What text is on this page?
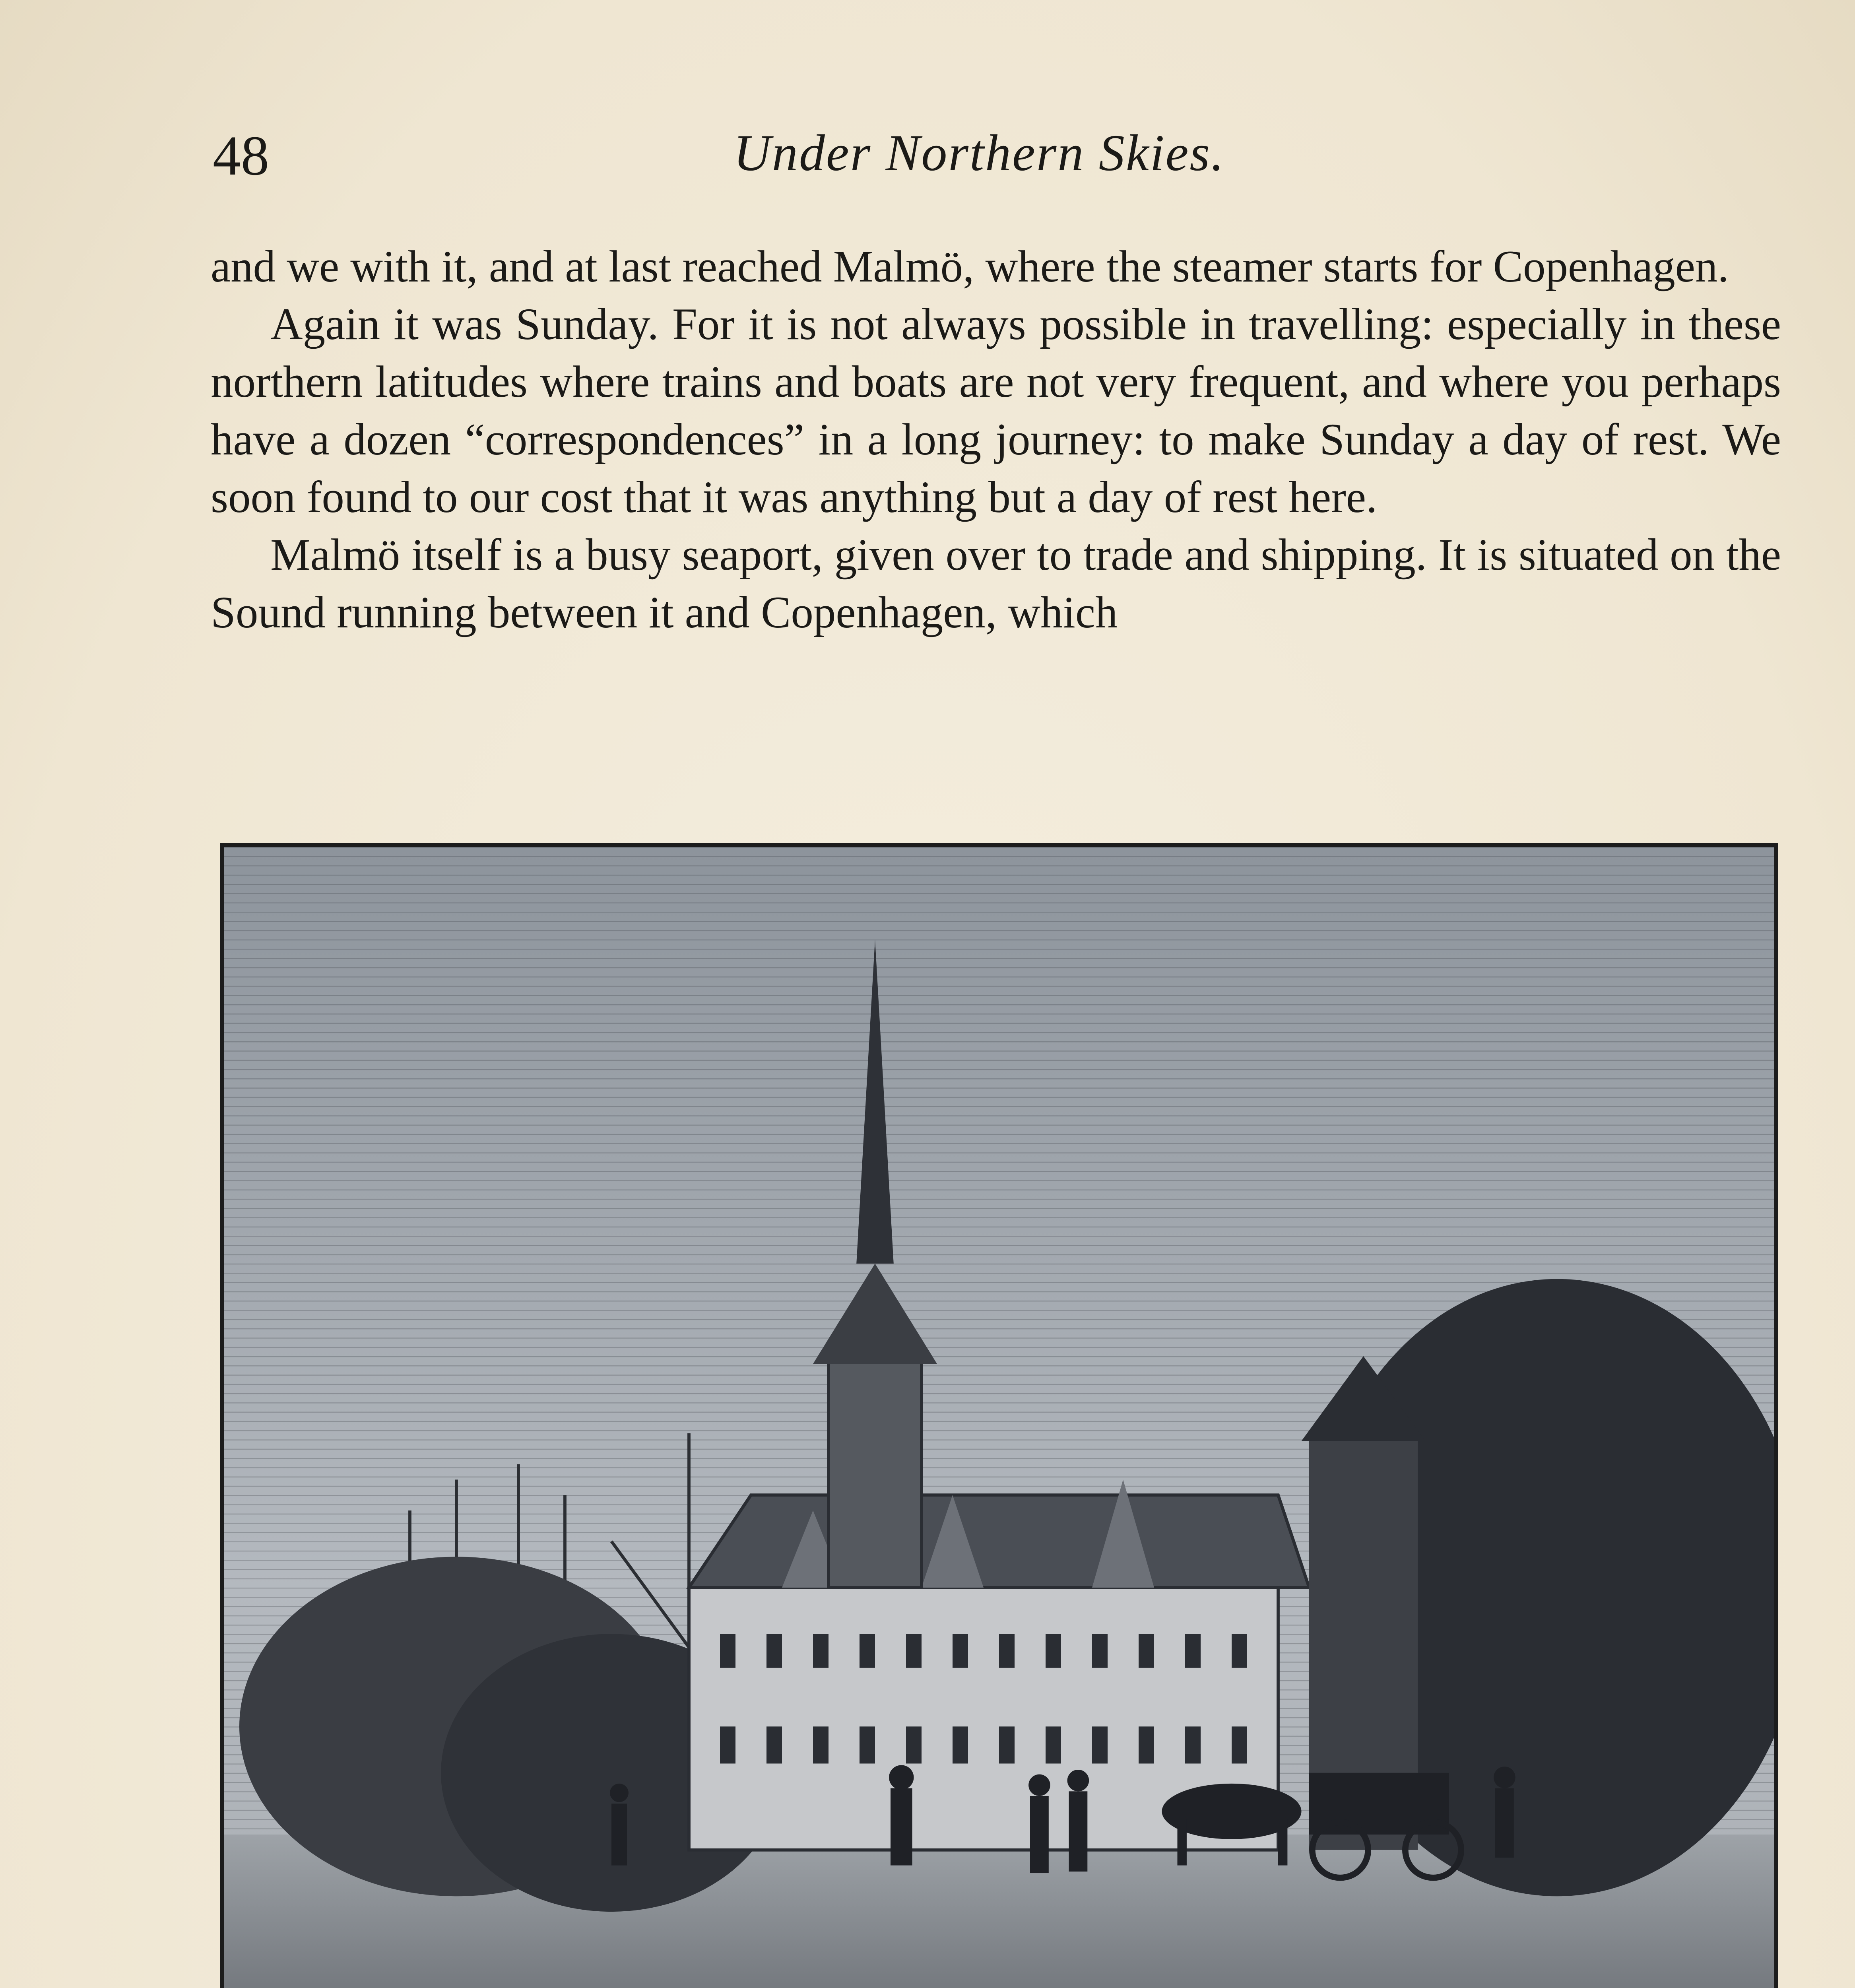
48	Under Northern Skies.

and we with it, and at last reached Malmö, where the steamer starts for Copenhagen.

Again it was Sunday. For it is not always possible in travelling: especially in these northern latitudes where trains and boats are not very frequent, and where you perhaps have a dozen “correspondences” in a long journey: to make Sunday a day of rest. We soon found to our cost that it was anything but a day of rest here.

Malmö itself is a busy seaport, given over to trade and shipping. It is situated on the Sound running between it and Copenhagen, which
